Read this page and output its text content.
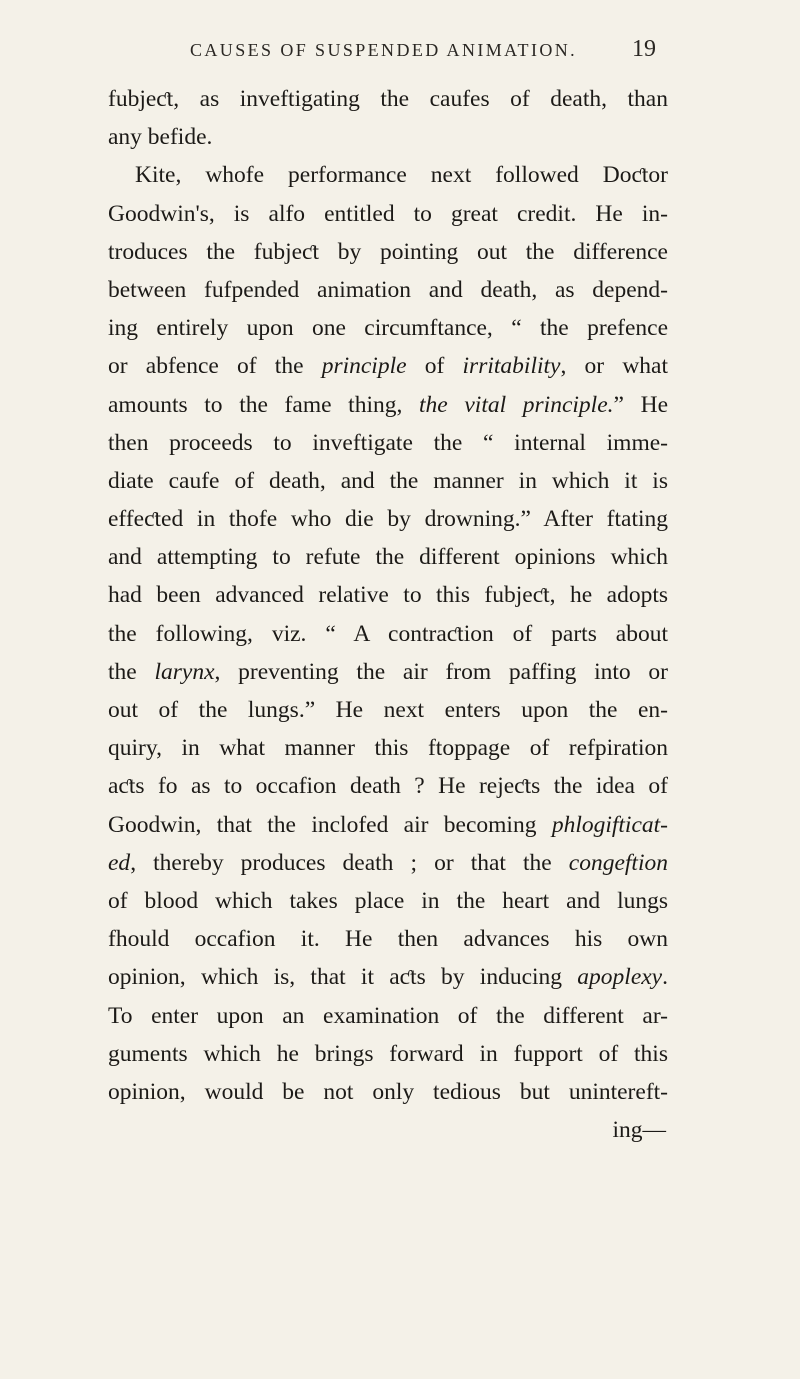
CAUSES OF SUSPENDED ANIMATION.	19
fubjeƈt, as inveftigating the caufes of death, than
any befide.
Kite, whofe performance next followed Doƈtor
Goodwin's, is alfo entitled to great credit. He in-
troduces the fubjeƈt by pointing out the difference
between fufpended animation and death, as depend-
ing entirely upon one circumftance, “ the prefence
or abfence of the principle of irritability, or what
amounts to the fame thing, the vital principle.” He
then proceeds to inveftigate the “ internal imme-
diate caufe of death, and the manner in which it is
effeƈted in thofe who die by drowning.” After ftating
and attempting to refute the different opinions which
had been advanced relative to this fubjeƈt, he adopts
the following, viz. “ A contraƈtion of parts about
the larynx, preventing the air from paffing into or
out of the lungs.” He next enters upon the en-
quiry, in what manner this ftoppage of refpiration
aƈts fo as to occafion death ? He rejeƈts the idea of
Goodwin, that the inclofed air becoming phlogifticat-
ed, thereby produces death ; or that the congeftion
of blood which takes place in the heart and lungs
fhould occafion it. He then advances his own
opinion, which is, that it aƈts by inducing apoplexy.
To enter upon an examination of the different ar-
guments which he brings forward in fupport of this
opinion, would be not only tedious but unintereft-
ing—
